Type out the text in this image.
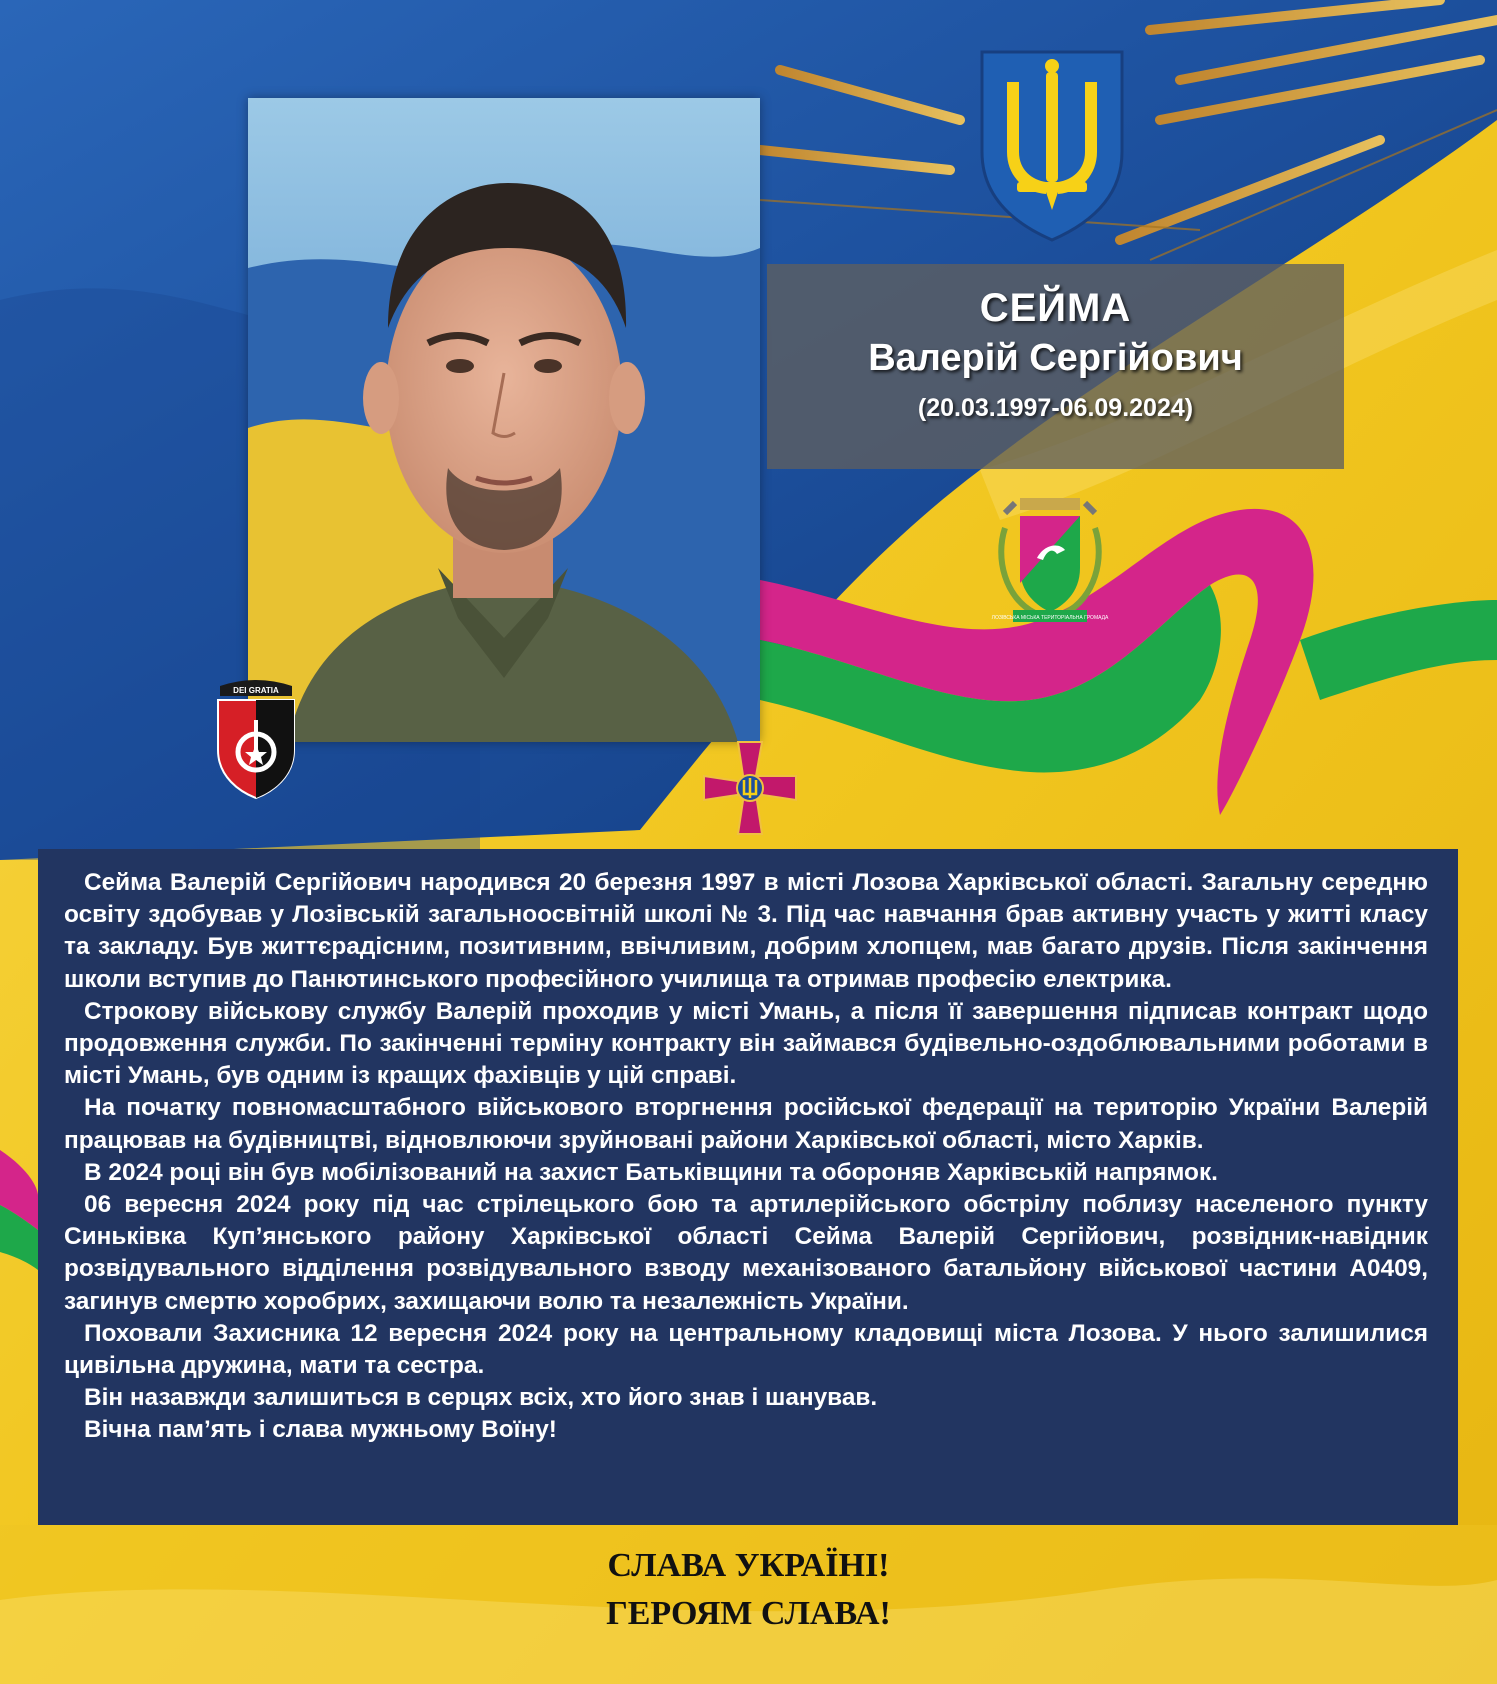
СЕЙМА
Валерій Сергійович
(20.03.1997-06.09.2024)
ЛОЗІВСЬКА МІСЬКА ТЕРИТОРІАЛЬНА ГРОМАДА
DEI GRATIA

Сейма Валерій Сергійович народився 20 березня 1997 в місті Лозова Харківської області. Загальну середню освіту здобував у Лозівській загальноосвітній школі № 3. Під час навчання брав активну участь у житті класу та закладу. Був життєрадісним, позитивним, ввічливим, добрим хлопцем, мав багато друзів. Після закінчення школи вступив до Панютинського професійного училища та отримав професію електрика.

Строкову військову службу Валерій проходив у місті Умань, а після її завершення підписав контракт щодо продовження служби. По закінченні терміну контракту він займався будівельно-оздоблювальними роботами в місті Умань, був одним із кращих фахівців у цій справі.

На початку повномасштабного військового вторгнення російської федерації на територію України Валерій працював на будівництві, відновлюючи зруйновані райони Харківської області, місто Харків.

В 2024 році він був мобілізований на захист Батьківщини та обороняв Харківській напрямок.

06 вересня 2024 року під час стрілецького бою та артилерійського обстрілу поблизу населеного пункту Синьківка Куп’янського району Харківської області Сейма Валерій Сергійович, розвідник-навідник розвідувального відділення розвідувального взводу механізованого батальйону військової частини А0409, загинув смертю хоробрих, захищаючи волю та незалежність України.

Поховали Захисника 12 вересня 2024 року на центральному кладовищі міста Лозова. У нього залишилися цивільна дружина, мати та сестра.

Він назавжди залишиться в серцях всіх, хто його знав і шанував.

Вічна пам’ять і слава мужньому Воїну!

СЛАВА УКРАЇНІ!
ГЕРОЯМ СЛАВА!
